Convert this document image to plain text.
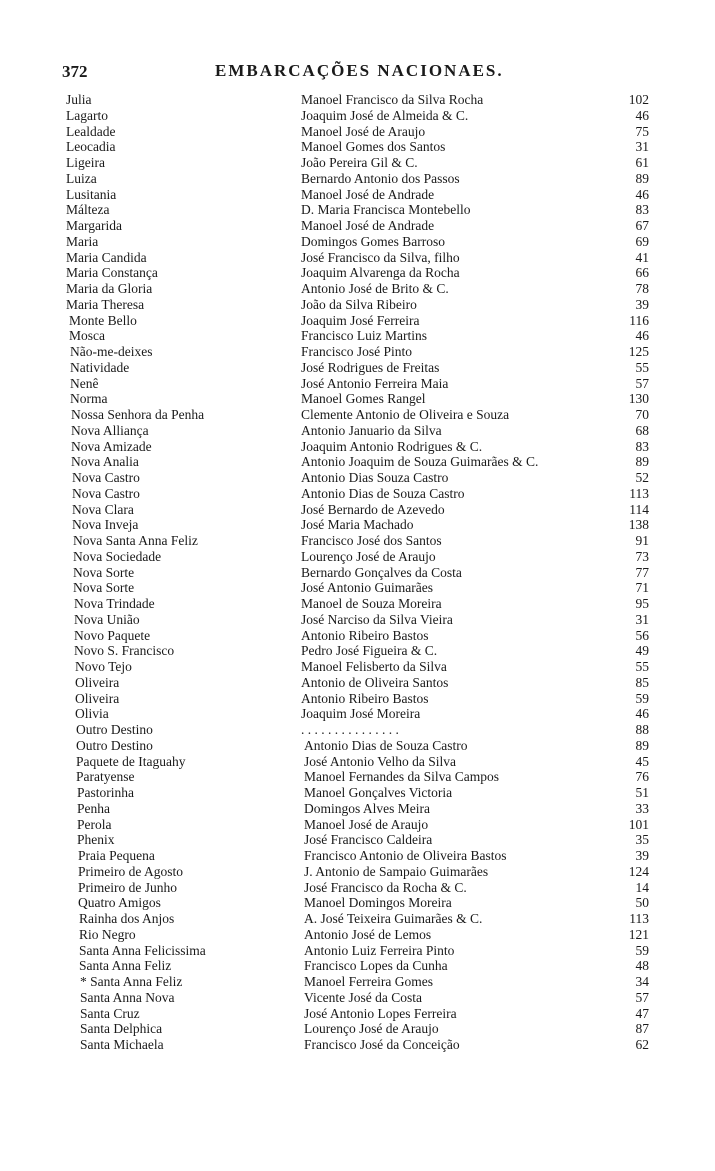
372	EMBARCAÇÕES NACIONAES.
Julia	Manoel Francisco da Silva Rocha	102
Lagarto	Joaquim José de Almeida & C.	46
Lealdade	Manoel José de Araujo	75
Leocadia	Manoel Gomes dos Santos	31
Ligeira	João Pereira Gil & C.	61
Luiza	Bernardo Antonio dos Passos	89
Lusitania	Manoel José de Andrade	46
Málteza	D. Maria Francisca Montebello	83
Margarida	Manoel José de Andrade	67
Maria	Domingos Gomes Barroso	69
Maria Candida	José Francisco da Silva, filho	41
Maria Constança	Joaquim Alvarenga da Rocha	66
Maria da Gloria	Antonio José de Brito & C.	78
Maria Theresa	João da Silva Ribeiro	39
Monte Bello	Joaquim José Ferreira	116
Mosca	Francisco Luiz Martins	46
Não-me-deixes	Francisco José Pinto	125
Natividade	José Rodrigues de Freitas	55
Nenê	José Antonio Ferreira Maia	57
Norma	Manoel Gomes Rangel	130
Nossa Senhora da Penha	Clemente Antonio de Oliveira e Souza	70
Nova Alliança	Antonio Januario da Silva	68
Nova Amizade	Joaquim Antonio Rodrigues & C.	83
Nova Analia	Antonio Joaquim de Souza Guimarães & C.	89
Nova Castro	Antonio Dias Souza Castro	52
Nova Castro	Antonio Dias de Souza Castro	113
Nova Clara	José Bernardo de Azevedo	114
Nova Inveja	José Maria Machado	138
Nova Santa Anna Feliz	Francisco José dos Santos	91
Nova Sociedade	Lourenço José de Araujo	73
Nova Sorte	Bernardo Gonçalves da Costa	77
Nova Sorte	José Antonio Guimarães	71
Nova Trindade	Manoel de Souza Moreira	95
Nova União	José Narciso da Silva Vieira	31
Novo Paquete	Antonio Ribeiro Bastos	56
Novo S. Francisco	Pedro José Figueira & C.	49
Novo Tejo	Manoel Felisberto da Silva	55
Oliveira	Antonio de Oliveira Santos	85
Oliveira	Antonio Ribeiro Bastos	59
Olivia	Joaquim José Moreira	46
Outro Destino	. . . . . . . . . . . . . . .	88
Outro Destino	Antonio Dias de Souza Castro	89
Paquete de Itaguahy	José Antonio Velho da Silva	45
Paratyense	Manoel Fernandes da Silva Campos	76
Pastorinha	Manoel Gonçalves Victoria	51
Penha	Domingos Alves Meira	33
Perola	Manoel José de Araujo	101
Phenix	José Francisco Caldeira	35
Praia Pequena	Francisco Antonio de Oliveira Bastos	39
Primeiro de Agosto	J. Antonio de Sampaio Guimarães	124
Primeiro de Junho	José Francisco da Rocha & C.	14
Quatro Amigos	Manoel Domingos Moreira	50
Rainha dos Anjos	A. José Teixeira Guimarães & C.	113
Rio Negro	Antonio José de Lemos	121
Santa Anna Felicissima	Antonio Luiz Ferreira Pinto	59
Santa Anna Feliz	Francisco Lopes da Cunha	48
* Santa Anna Feliz	Manoel Ferreira Gomes	34
Santa Anna Nova	Vicente José da Costa	57
Santa Cruz	José Antonio Lopes Ferreira	47
Santa Delphica	Lourenço José de Araujo	87
Santa Michaela	Francisco José da Conceição	62
